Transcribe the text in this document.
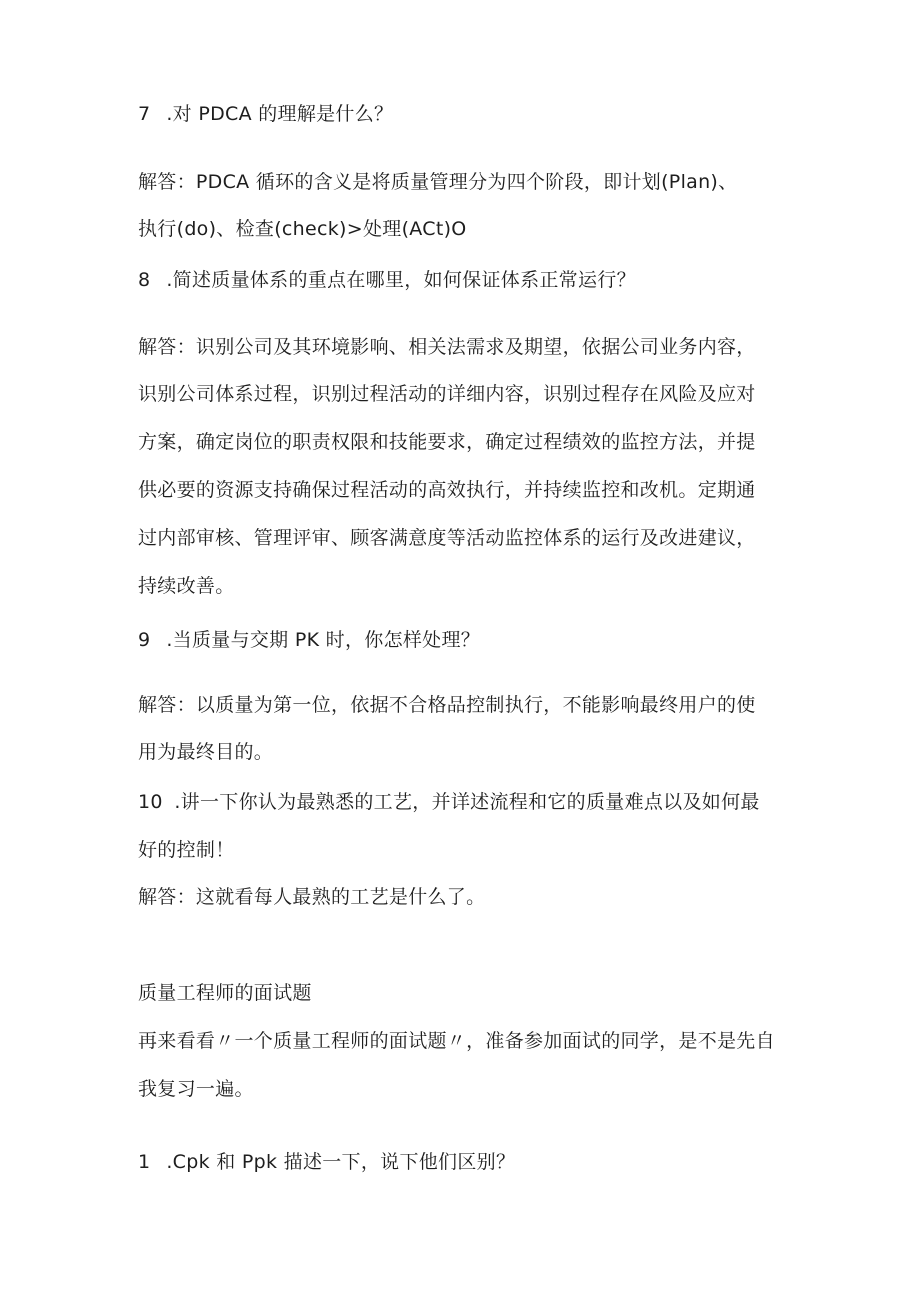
7 .对 PDCA 的理解是什么？
解答：PDCA 循环的含义是将质量管理分为四个阶段，即计划(Plan)、
执行(do)、检查(check)>处理(ACt)O
8 .简述质量体系的重点在哪里，如何保证体系正常运行？
解答：识别公司及其环境影响、相关法需求及期望，依据公司业务内容，
识别公司体系过程，识别过程活动的详细内容，识别过程存在风险及应对
方案，确定岗位的职责权限和技能要求，确定过程绩效的监控方法，并提
供必要的资源支持确保过程活动的高效执行，并持续监控和改机。定期通
过内部审核、管理评审、顾客满意度等活动监控体系的运行及改进建议，
持续改善。
9 .当质量与交期 PK 时，你怎样处理？
解答：以质量为第一位，依据不合格品控制执行，不能影响最终用户的使
用为最终目的。
10 .讲一下你认为最熟悉的工艺，并详述流程和它的质量难点以及如何最
好的控制！
解答：这就看每人最熟的工艺是什么了。
质量工程师的面试题
再来看看〃一个质量工程师的面试题〃，准备参加面试的同学，是不是先自
我复习一遍。
1 .Cpk 和 Ppk 描述一下，说下他们区别？
